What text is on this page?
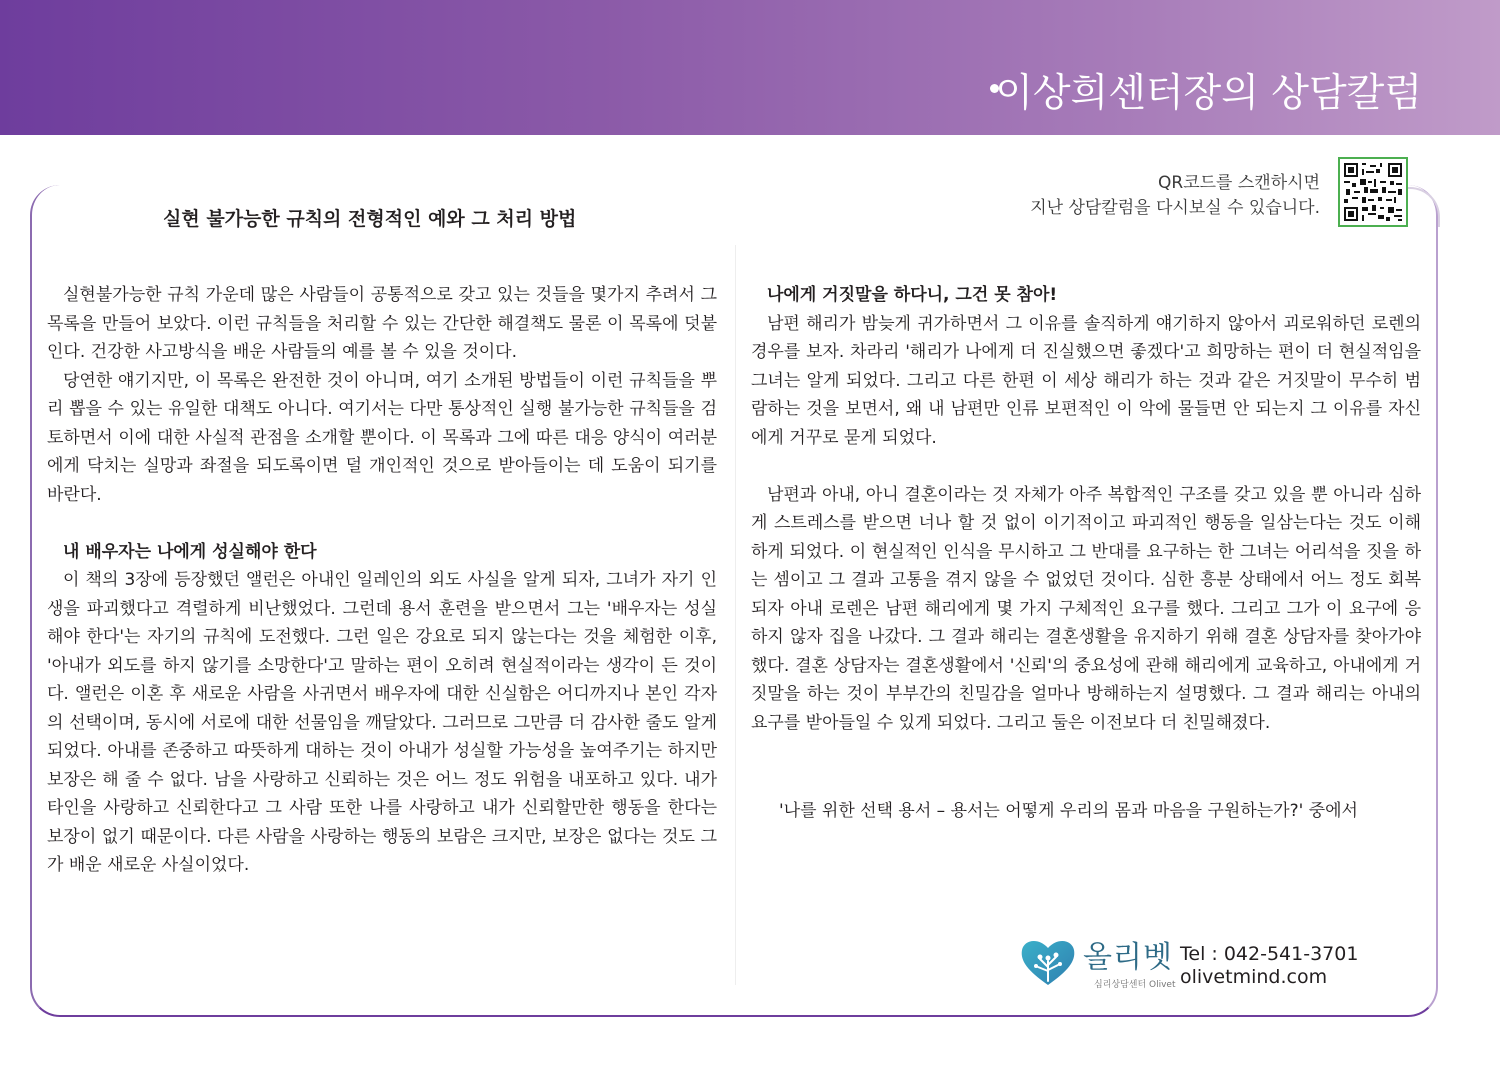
이상희센터장의 상담칼럼
실현 불가능한 규칙의 전형적인 예와 그 처리 방법
QR코드를 스캔하시면
지난 상담칼럼을 다시보실 수 있습니다.

실현불가능한 규칙 가운데 많은 사람들이 공통적으로 갖고 있는 것들을 몇가지 추려서 그 목록을 만들어 보았다. 이런 규칙들을 처리할 수 있는 간단한 해결책도 물론 이 목록에 덧붙인다. 건강한 사고방식을 배운 사람들의 예를 볼 수 있을 것이다.

당연한 얘기지만, 이 목록은 완전한 것이 아니며, 여기 소개된 방법들이 이런 규칙들을 뿌리 뽑을 수 있는 유일한 대책도 아니다. 여기서는 다만 통상적인 실행 불가능한 규칙들을 검토하면서 이에 대한 사실적 관점을 소개할 뿐이다. 이 목록과 그에 따른 대응 양식이 여러분에게 닥치는 실망과 좌절을 되도록이면 덜 개인적인 것으로 받아들이는 데 도움이 되기를 바란다.

내 배우자는 나에게 성실해야 한다

이 책의 3장에 등장했던 앨런은 아내인 일레인의 외도 사실을 알게 되자, 그녀가 자기 인생을 파괴했다고 격렬하게 비난했었다. 그런데 용서 훈련을 받으면서 그는 '배우자는 성실해야 한다'는 자기의 규칙에 도전했다. 그런 일은 강요로 되지 않는다는 것을 체험한 이후, '아내가 외도를 하지 않기를 소망한다'고 말하는 편이 오히려 현실적이라는 생각이 든 것이다. 앨런은 이혼 후 새로운 사람을 사귀면서 배우자에 대한 신실함은 어디까지나 본인 각자의 선택이며, 동시에 서로에 대한 선물임을 깨달았다. 그러므로 그만큼 더 감사한 줄도 알게 되었다. 아내를 존중하고 따뜻하게 대하는 것이 아내가 성실할 가능성을 높여주기는 하지만 보장은 해 줄 수 없다. 남을 사랑하고 신뢰하는 것은 어느 정도 위험을 내포하고 있다. 내가 타인을 사랑하고 신뢰한다고 그 사람 또한 나를 사랑하고 내가 신뢰할만한 행동을 한다는 보장이 없기 때문이다. 다른 사람을 사랑하는 행동의 보람은 크지만, 보장은 없다는 것도 그가 배운 새로운 사실이었다.

나에게 거짓말을 하다니, 그건 못 참아!

남편 해리가 밤늦게 귀가하면서 그 이유를 솔직하게 얘기하지 않아서 괴로워하던 로렌의 경우를 보자. 차라리 '해리가 나에게 더 진실했으면 좋겠다'고 희망하는 편이 더 현실적임을 그녀는 알게 되었다. 그리고 다른 한편 이 세상 해리가 하는 것과 같은 거짓말이 무수히 범람하는 것을 보면서, 왜 내 남편만 인류 보편적인 이 악에 물들면 안 되는지 그 이유를 자신에게 거꾸로 묻게 되었다.

남편과 아내, 아니 결혼이라는 것 자체가 아주 복합적인 구조를 갖고 있을 뿐 아니라 심하게 스트레스를 받으면 너나 할 것 없이 이기적이고 파괴적인 행동을 일삼는다는 것도 이해하게 되었다. 이 현실적인 인식을 무시하고 그 반대를 요구하는 한 그녀는 어리석을 짓을 하는 셈이고 그 결과 고통을 겪지 않을 수 없었던 것이다. 심한 흥분 상태에서 어느 정도 회복되자 아내 로렌은 남편 해리에게 몇 가지 구체적인 요구를 했다. 그리고 그가 이 요구에 응하지 않자 집을 나갔다. 그 결과 해리는 결혼생활을 유지하기 위해 결혼 상담자를 찾아가야 했다. 결혼 상담자는 결혼생활에서 '신뢰'의 중요성에 관해 해리에게 교육하고, 아내에게 거짓말을 하는 것이 부부간의 친밀감을 얼마나 방해하는지 설명했다. 그 결과 해리는 아내의 요구를 받아들일 수 있게 되었다. 그리고 둘은 이전보다 더 친밀해졌다.

'나를 위한 선택 용서 – 용서는 어떻게 우리의 몸과 마음을 구원하는가?' 중에서
올리벳
심리상담센터 Olivet
Tel : 042-541-3701
olivetmind.com
